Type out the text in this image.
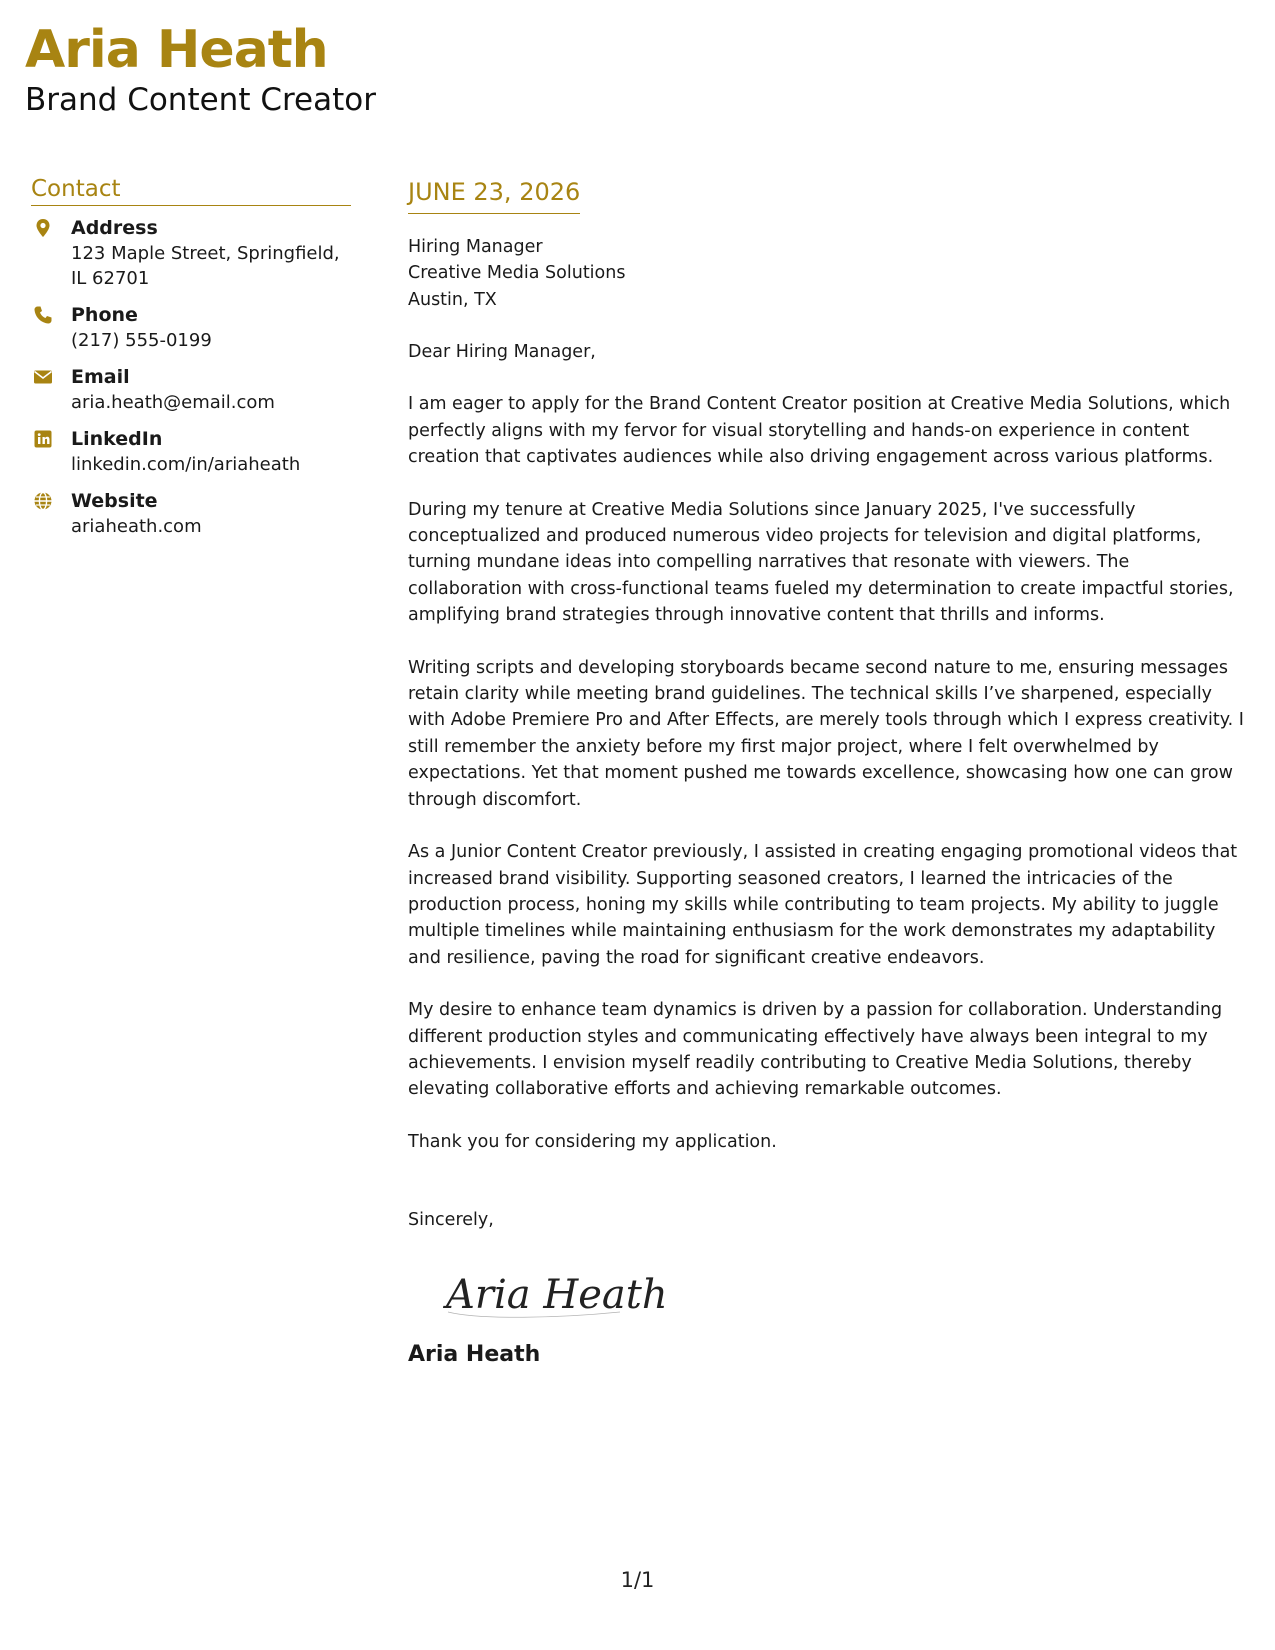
Aria Heath
Brand Content Creator
Contact
Address
123 Maple Street, Springfield, IL 62701
Phone
(217) 555-0199
Email
aria.heath@email.com
LinkedIn
linkedin.com/in/ariaheath
Website
ariaheath.com
JUNE 23, 2026
Hiring Manager
Creative Media Solutions
Austin, TX

Dear Hiring Manager,

I am eager to apply for the Brand Content Creator position at Creative Media Solutions, which perfectly aligns with my fervor for visual storytelling and hands-on experience in content creation that captivates audiences while also driving engagement across various platforms.

During my tenure at Creative Media Solutions since January 2025, I've successfully conceptualized and produced numerous video projects for television and digital platforms, turning mundane ideas into compelling narratives that resonate with viewers. The collaboration with cross-functional teams fueled my determination to create impactful stories, amplifying brand strategies through innovative content that thrills and informs.

Writing scripts and developing storyboards became second nature to me, ensuring messages retain clarity while meeting brand guidelines. The technical skills I’ve sharpened, especially with Adobe Premiere Pro and After Effects, are merely tools through which I express creativity. I still remember the anxiety before my first major project, where I felt overwhelmed by expectations. Yet that moment pushed me towards excellence, showcasing how one can grow through discomfort.

As a Junior Content Creator previously, I assisted in creating engaging promotional videos that increased brand visibility. Supporting seasoned creators, I learned the intricacies of the production process, honing my skills while contributing to team projects. My ability to juggle multiple timelines while maintaining enthusiasm for the work demonstrates my adaptability and resilience, paving the road for significant creative endeavors.

My desire to enhance team dynamics is driven by a passion for collaboration. Understanding different production styles and communicating effectively have always been integral to my achievements. I envision myself readily contributing to Creative Media Solutions, thereby elevating collaborative efforts and achieving remarkable outcomes.

Thank you for considering my application.

Sincerely,
Aria Heath
Aria Heath
1/1
